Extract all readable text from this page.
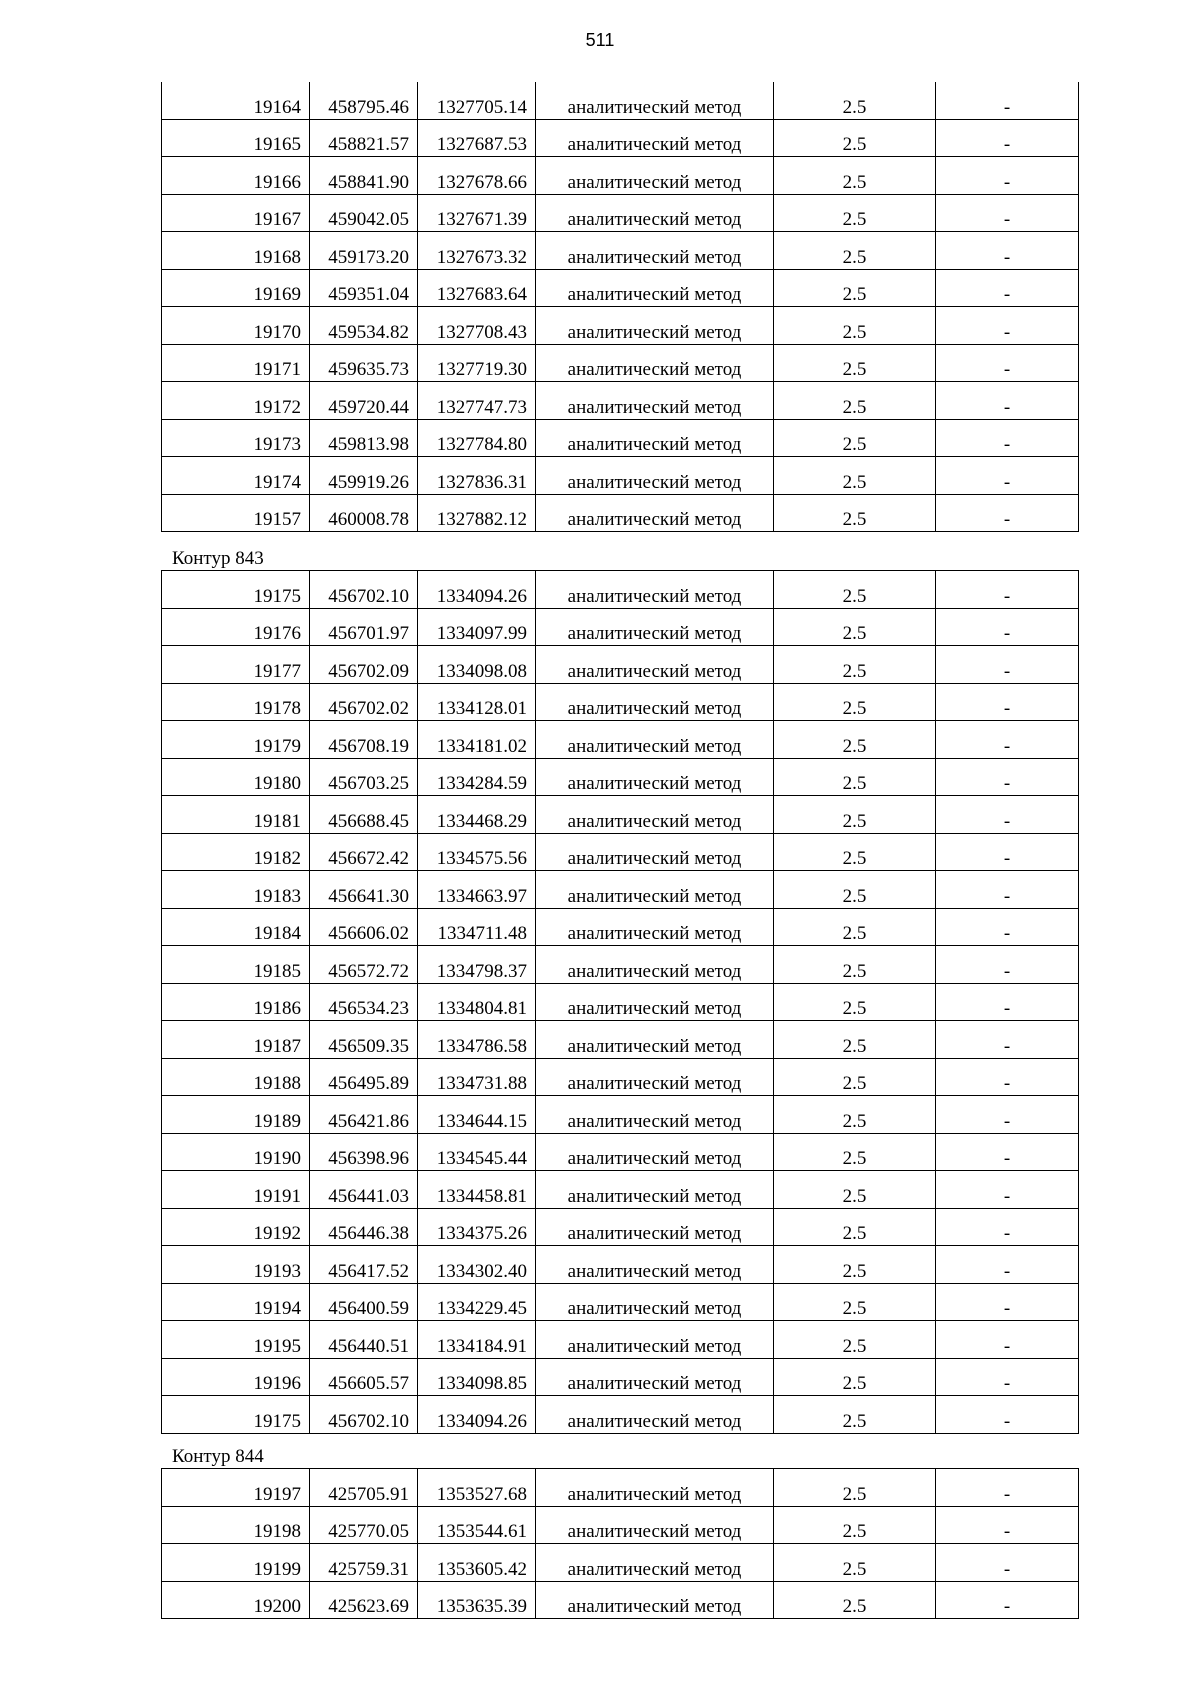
511
19164	458795.46	1327705.14	аналитический метод	2.5	-
19165	458821.57	1327687.53	аналитический метод	2.5	-
19166	458841.90	1327678.66	аналитический метод	2.5	-
19167	459042.05	1327671.39	аналитический метод	2.5	-
19168	459173.20	1327673.32	аналитический метод	2.5	-
19169	459351.04	1327683.64	аналитический метод	2.5	-
19170	459534.82	1327708.43	аналитический метод	2.5	-
19171	459635.73	1327719.30	аналитический метод	2.5	-
19172	459720.44	1327747.73	аналитический метод	2.5	-
19173	459813.98	1327784.80	аналитический метод	2.5	-
19174	459919.26	1327836.31	аналитический метод	2.5	-
19157	460008.78	1327882.12	аналитический метод	2.5	-
Контур 843
19175	456702.10	1334094.26	аналитический метод	2.5	-
19176	456701.97	1334097.99	аналитический метод	2.5	-
19177	456702.09	1334098.08	аналитический метод	2.5	-
19178	456702.02	1334128.01	аналитический метод	2.5	-
19179	456708.19	1334181.02	аналитический метод	2.5	-
19180	456703.25	1334284.59	аналитический метод	2.5	-
19181	456688.45	1334468.29	аналитический метод	2.5	-
19182	456672.42	1334575.56	аналитический метод	2.5	-
19183	456641.30	1334663.97	аналитический метод	2.5	-
19184	456606.02	1334711.48	аналитический метод	2.5	-
19185	456572.72	1334798.37	аналитический метод	2.5	-
19186	456534.23	1334804.81	аналитический метод	2.5	-
19187	456509.35	1334786.58	аналитический метод	2.5	-
19188	456495.89	1334731.88	аналитический метод	2.5	-
19189	456421.86	1334644.15	аналитический метод	2.5	-
19190	456398.96	1334545.44	аналитический метод	2.5	-
19191	456441.03	1334458.81	аналитический метод	2.5	-
19192	456446.38	1334375.26	аналитический метод	2.5	-
19193	456417.52	1334302.40	аналитический метод	2.5	-
19194	456400.59	1334229.45	аналитический метод	2.5	-
19195	456440.51	1334184.91	аналитический метод	2.5	-
19196	456605.57	1334098.85	аналитический метод	2.5	-
19175	456702.10	1334094.26	аналитический метод	2.5	-
Контур 844
19197	425705.91	1353527.68	аналитический метод	2.5	-
19198	425770.05	1353544.61	аналитический метод	2.5	-
19199	425759.31	1353605.42	аналитический метод	2.5	-
19200	425623.69	1353635.39	аналитический метод	2.5	-
